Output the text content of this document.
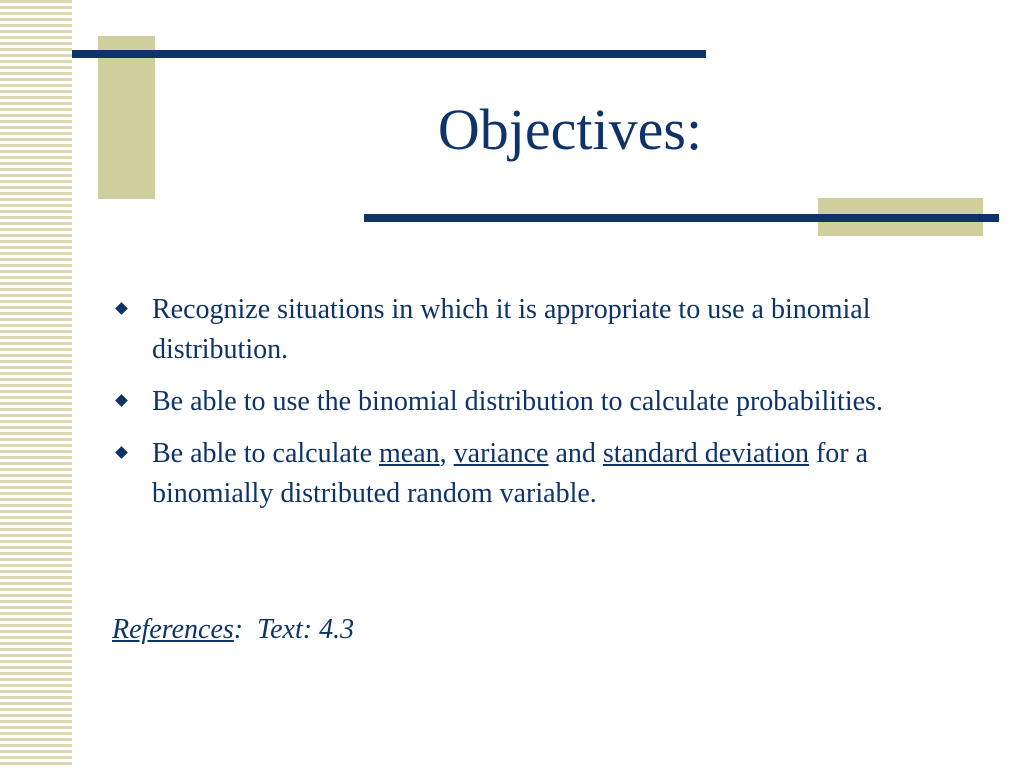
Objectives:
Recognize situations in which it is appropriate to use a binomial distribution.
Be able to use the binomial distribution to calculate probabilities.
Be able to calculate mean, variance and standard deviation for a binomially distributed random variable.
References:  Text: 4.3
